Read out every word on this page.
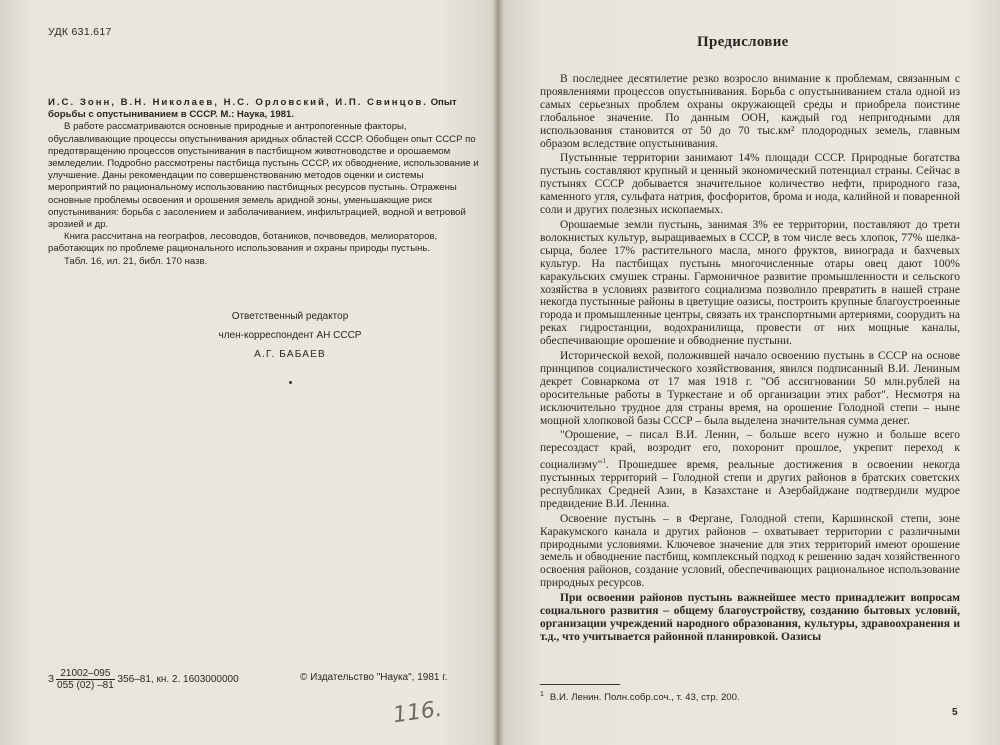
УДК 631.617

И.С. Зонн, В.Н. Николаев, Н.С. Орловский, И.П. Свинцов. Опыт борьбы с опустыниванием в СССР. М.: Наука, 1981.

В работе рассматриваются основные природные и антропогенные факторы, обуславливающие процессы опустынивания аридных областей СССР. Обобщен опыт СССР по предотвращению процессов опустынивания в пастбищном животноводстве и орошаемом земледелии. Подробно рассмотрены пастбища пустынь СССР, их обводнение, использование и улучшение. Даны рекомендации по совершенствованию методов оценки и системы мероприятий по рациональному использованию пастбищных ресурсов пустынь. Отражены основные проблемы освоения и орошения земель аридной зоны, уменьшающие риск опустынивания: борьба с засолением и заболачиванием, инфильтрацией, водной и ветровой эрозией и др.

Книга рассчитана на географов, лесоводов, ботаников, почвоведов, мелиораторов, работающих по проблеме рационального использования и охраны природы пустынь.

Табл. 16, ил. 21, библ. 170 назв.

Ответственный редактор
член-корреспондент АН СССР
А.Г. БАБАЕВ
З $\frac{21002-095}{055 (02) -81} 356-81$, кн. 2. 1603000000	© Издательство "Наука", 1981 г.
116.
Предисловие

В последнее десятилетие резко возросло внимание к проблемам, связанным с проявлениями процессов опустынивания. Борьба с опустыниванием стала одной из самых серьезных проблем охраны окружающей среды и приобрела поистине глобальное значение. По данным ООН, каждый год непригодными для использования становится от 50 до 70 тыс.км² плодородных земель, главным образом вследствие опустынивания.

Пустынные территории занимают 14% площади СССР. Природные богатства пустынь составляют крупный и ценный экономический потенциал страны. Сейчас в пустынях СССР добывается значительное количество нефти, природного газа, каменного угля, сульфата натрия, фосфоритов, брома и иода, калийной и поваренной соли и других полезных ископаемых.

Орошаемые земли пустынь, занимая 3% ее территории, поставляют до трети волокнистых культур, выращиваемых в СССР, в том числе весь хлопок, 77% шелка-сырца, более 17% растительного масла, много фруктов, винограда и бахчевых культур. На пастбищах пустынь многочисленные отары овец дают 100% каракульских смушек страны. Гармоничное развитие промышленности и сельского хозяйства в условиях развитого социализма позволило превратить в нашей стране некогда пустынные районы в цветущие оазисы, построить крупные благоустроенные города и промышленные центры, связать их транспортными артериями, соорудить на реках гидростанции, водохранилища, провести от них мощные каналы, обеспечивающие орошение и обводнение пустыни.

Исторической вехой, положившей начало освоению пустынь в СССР на основе принципов социалистического хозяйствования, явился подписанный В.И. Лениным декрет Совнаркома от 17 мая 1918 г. "Об ассигновании 50 млн.рублей на оросительные работы в Туркестане и об организации этих работ". Несмотря на исключительно трудное для страны время, на орошение Голодной степи – ныне мощной хлопковой базы СССР – была выделена значительная сумма денег.

"Орошение, – писал В.И. Ленин, – больше всего нужно и больше всего пересоздаст край, возродит его, похоронит прошлое, укрепит переход к социализму"$^1$. Прошедшее время, реальные достижения в освоении некогда пустынных территорий – Голодной степи и других районов в братских советских республиках Средней Азии, в Казахстане и Азербайджане подтвердили мудрое предвидение В.И. Ленина.

Освоение пустынь – в Фергане, Голодной степи, Каршинской степи, зоне Каракумского канала и других районов – охватывает территории с различными природными условиями. Ключевое значение для этих территорий имеют орошение земель и обводнение пастбищ, комплексный подход к решению задач хозяйственного освоения районов, создание условий, обеспечивающих рациональное использование природных ресурсов.

При освоении районов пустынь важнейшее место принадлежит вопросам социального развития – общему благоустройству, созданию бытовых условий, организации учреждений народного образования, культуры, здравоохранения и т.д., что учитывается районной планировкой. Оазисы

$^1$ В.И. Ленин. Полн.собр.соч., т. 43, стр. 200.
5
